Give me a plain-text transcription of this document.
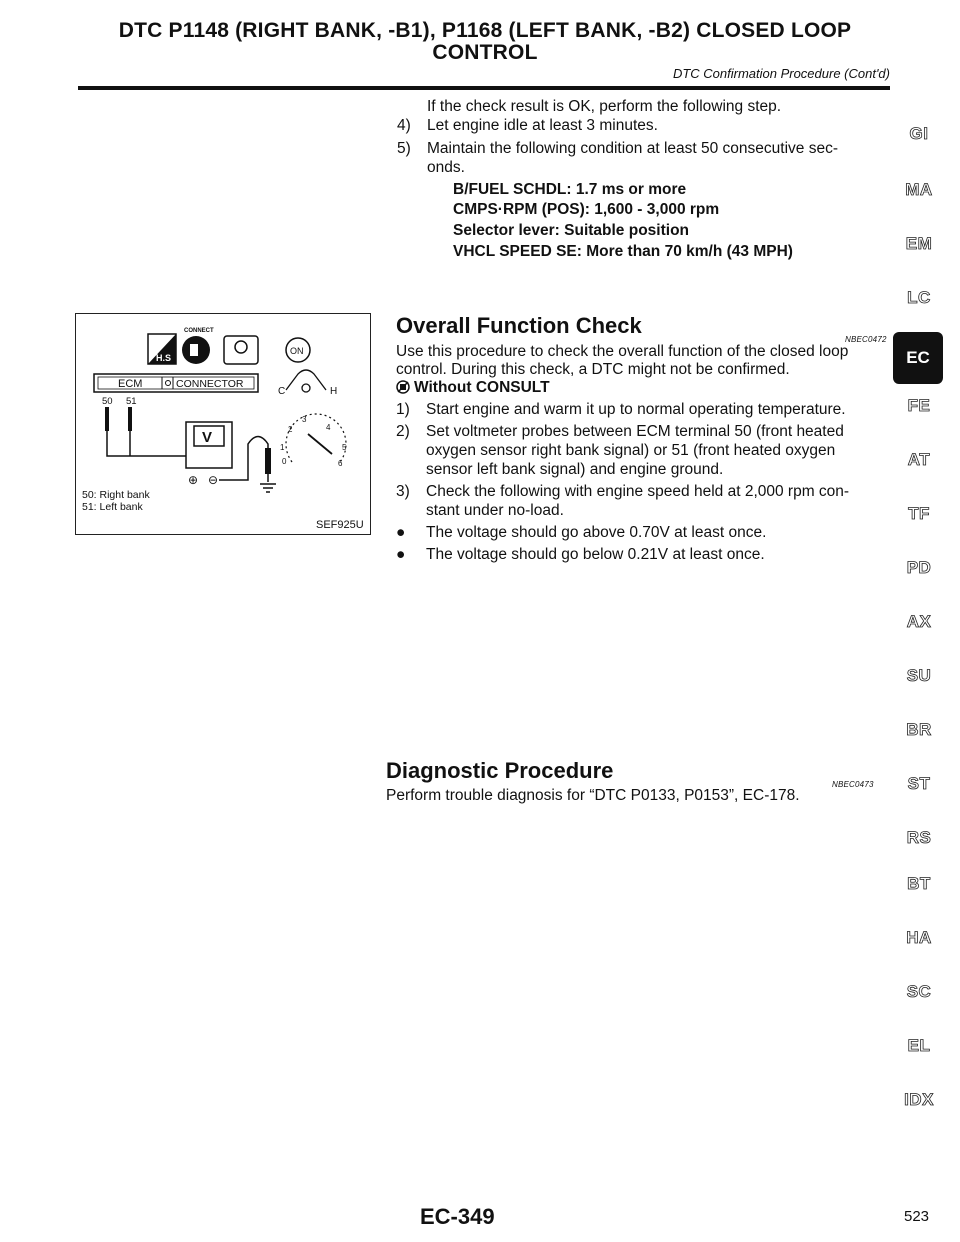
DTC P1148 (RIGHT BANK, -B1), P1168 (LEFT BANK, -B2) CLOSED LOOP
CONTROL
DTC Confirmation Procedure (Cont'd)
If the check result is OK, perform the following step.
4) Let engine idle at least 3 minutes.
5) Maintain the following condition at least 50 consecutive sec-
onds.
B/FUEL SCHDL: 1.7 ms or more
CMPS·RPM (POS): 1,600 - 3,000 rpm
Selector lever: Suitable position
VHCL SPEED SE: More than 70 km/h (43 MPH)
H.S
CONNECT
ON
ECM	CONNECTOR
50 51
V
⊕ ⊖
C	H
0
1
2
3
4
5
6
50: Right bank
51: Left bank
SEF925U
Overall Function Check
NBEC0472
Use this procedure to check the overall function of the closed loop
control. During this check, a DTC might not be confirmed.
Without CONSULT
1) Start engine and warm it up to normal operating temperature.
2) Set voltmeter probes between ECM terminal 50 (front heated
oxygen sensor right bank signal) or 51 (front heated oxygen
sensor left bank signal) and engine ground.
3) Check the following with engine speed held at 2,000 rpm con-
stant under no-load.
● The voltage should go above 0.70V at least once.
● The voltage should go below 0.21V at least once.
Diagnostic Procedure
NBEC0473
Perform trouble diagnosis for “DTC P0133, P0153”, EC-178.
GI
MA
EM
LC
EC
FE
AT
TF
PD
AX
SU
BR
ST
RS
BT
HA
SC
EL
IDX
EC-349	523
